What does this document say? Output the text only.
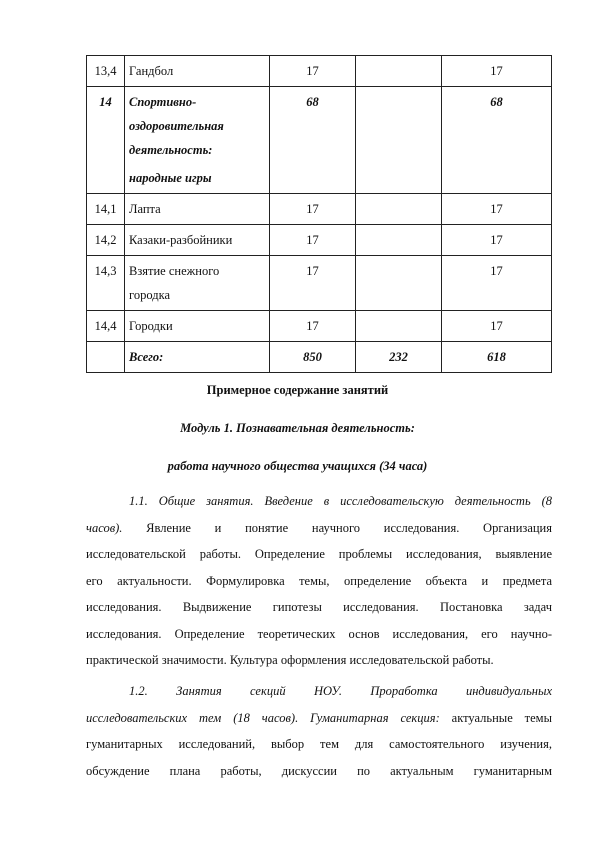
13,4	Гандбол	17		17
14	Спортивно-
оздоровительная
деятельность:
народные игры	68		68
14,1	Лапта	17		17
14,2	Казаки-разбойники	17		17
14,3	Взятие снежного
городка	17		17
14,4	Городки	17		17

	Всего:	850	232	618
Примерное содержание занятий
Модуль 1. Познавательная деятельность:
работа научного общества учащихся (34 часа)
1.1. Общие занятия. Введение в исследовательскую деятельность (8
часов). Явление и понятие научного исследования. Организация
исследовательской работы. Определение проблемы исследования, выявление
его актуальности. Формулировка темы, определение объекта и предмета
исследования. Выдвижение гипотезы исследования. Постановка задач
исследования. Определение теоретических основ исследования, его научно-
практической значимости. Культура оформления исследовательской работы.
1.2. Занятия секций НОУ. Проработка индивидуальных
исследовательских тем (18 часов). Гуманитарная секция: актуальные темы
гуманитарных исследований, выбор тем для самостоятельного изучения,
обсуждение плана работы, дискуссии по актуальным гуманитарным
